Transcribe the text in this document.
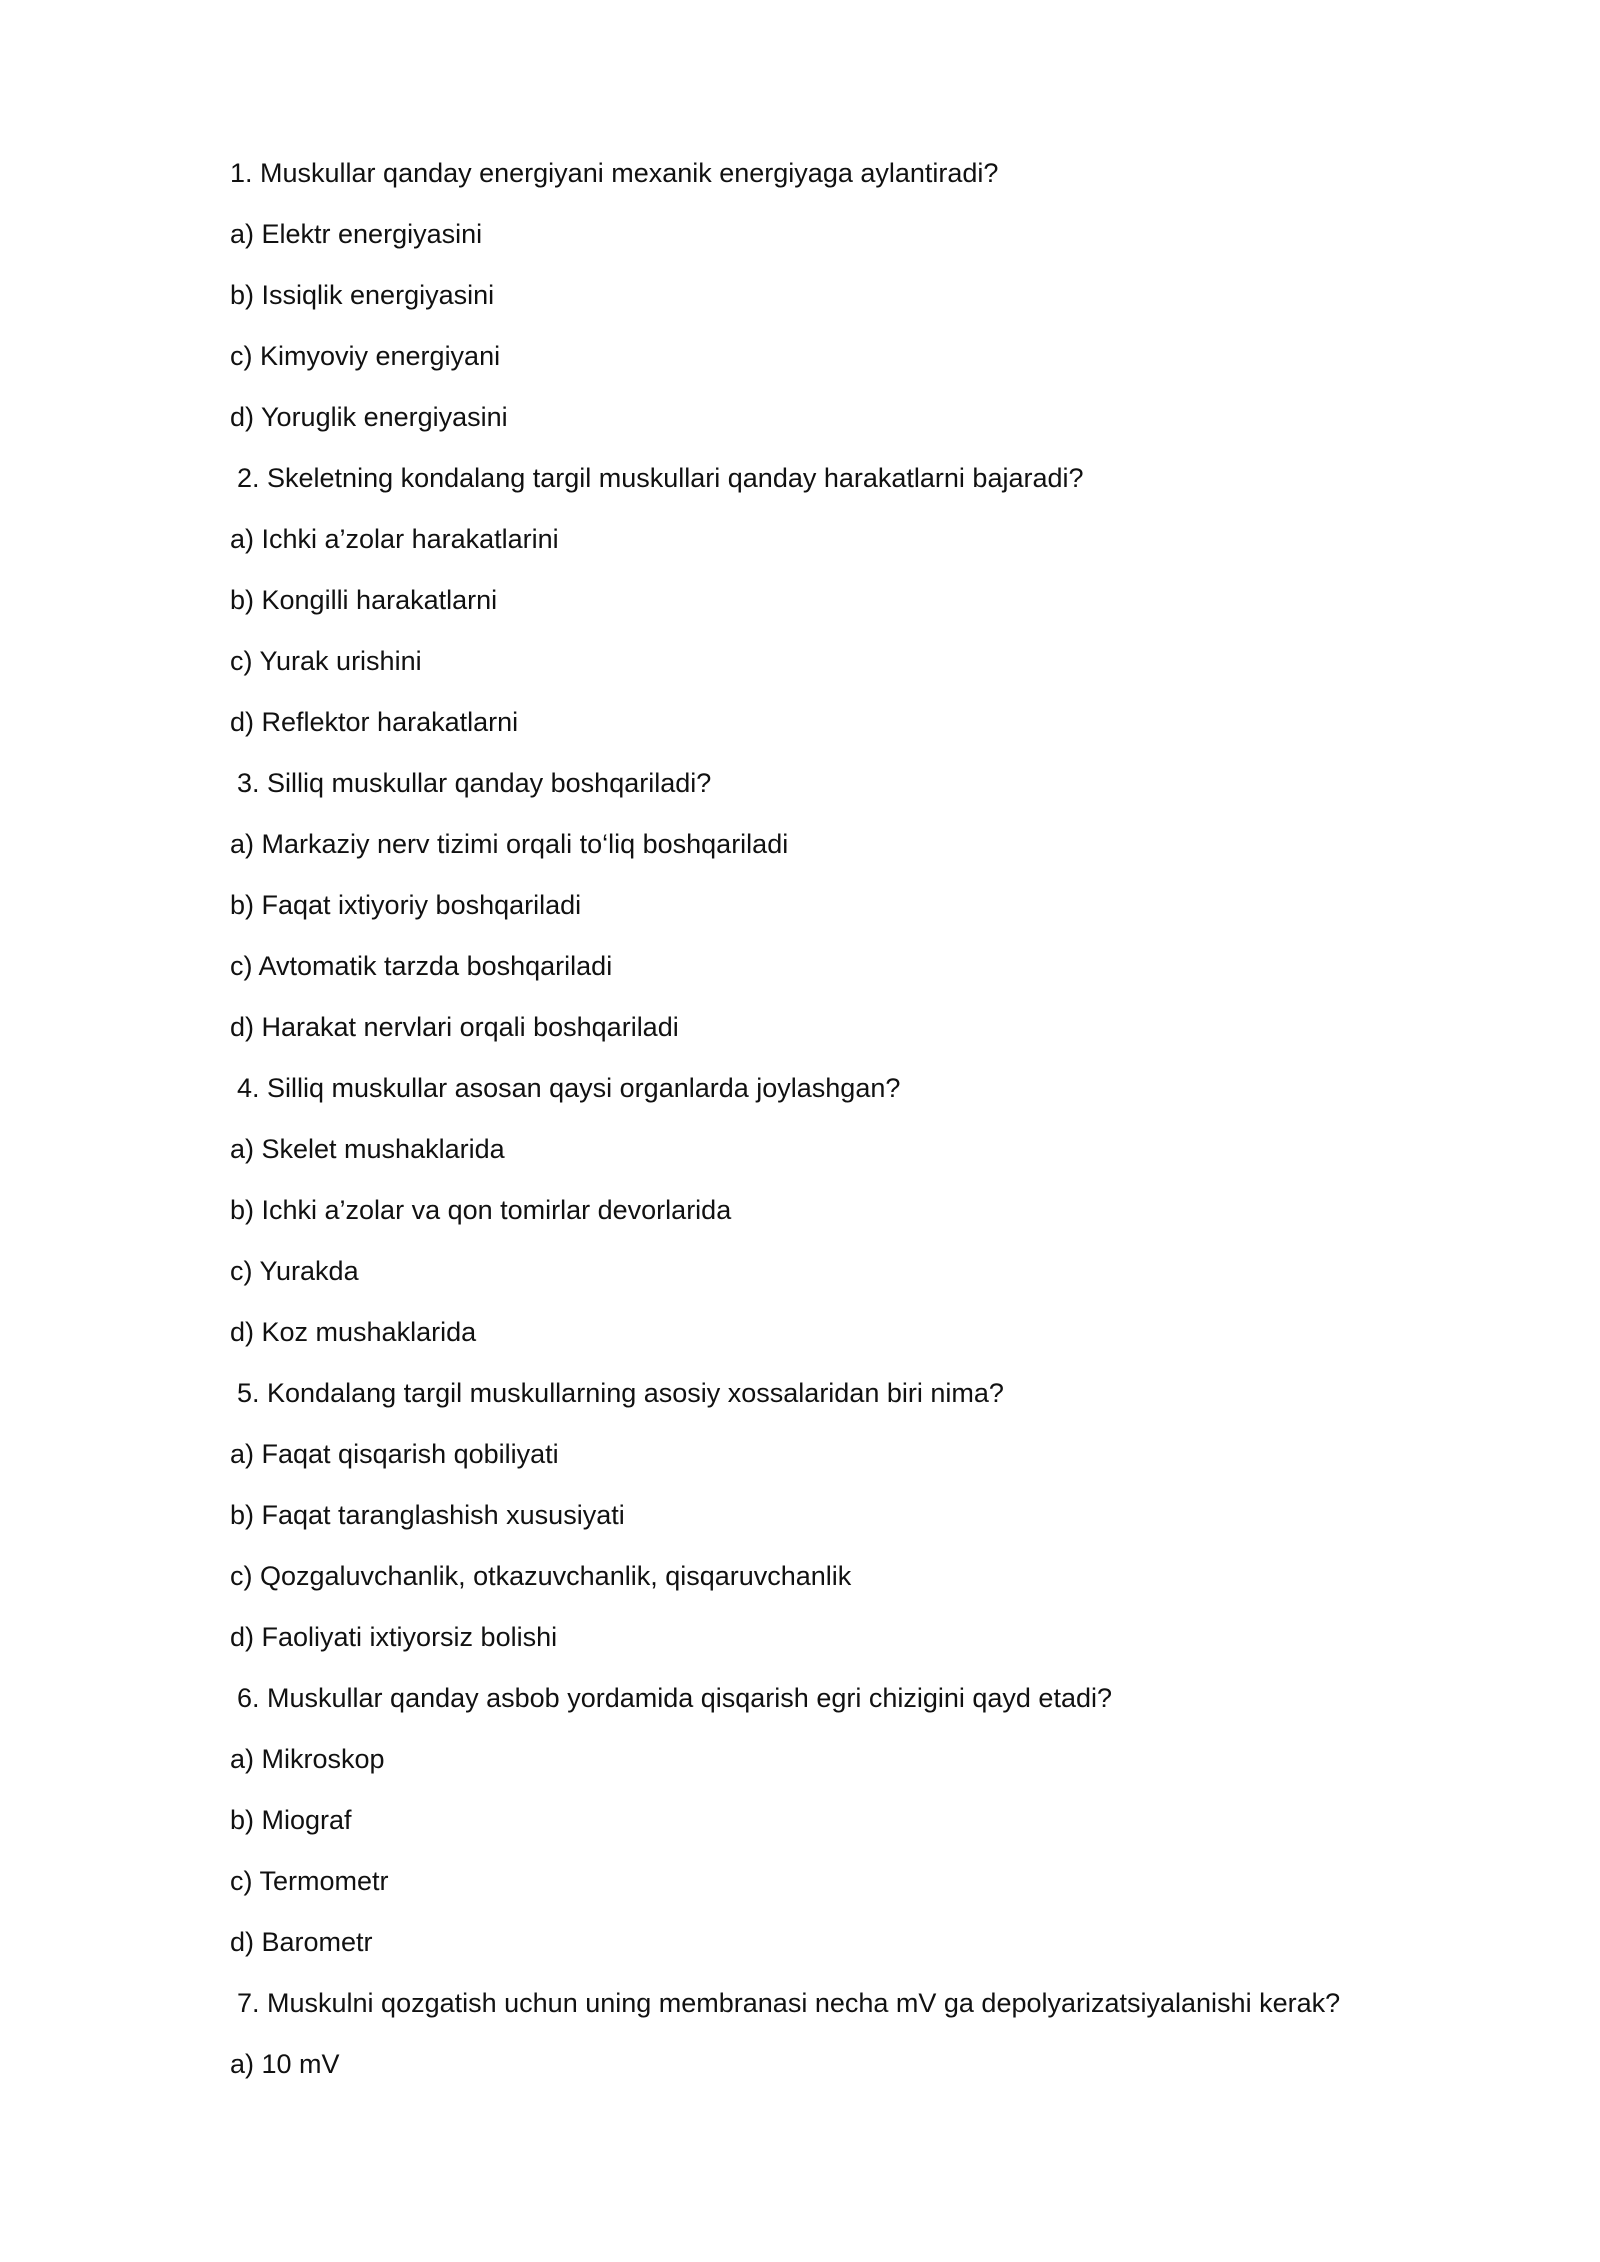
1. Muskullar qanday energiyani mexanik energiyaga aylantiradi?
a) Elektr energiyasini
b) Issiqlik energiyasini
c) Kimyoviy energiyani
d) Yoruglik energiyasini
2. Skeletning kondalang targil muskullari qanday harakatlarni bajaradi?
a) Ichki a’zolar harakatlarini
b) Kongilli harakatlarni
c) Yurak urishini
d) Reflektor harakatlarni
3. Silliq muskullar qanday boshqariladi?
a) Markaziy nerv tizimi orqali to‘liq boshqariladi
b) Faqat ixtiyoriy boshqariladi
c) Avtomatik tarzda boshqariladi
d) Harakat nervlari orqali boshqariladi
4. Silliq muskullar asosan qaysi organlarda joylashgan?
a) Skelet mushaklarida
b) Ichki a’zolar va qon tomirlar devorlarida
c) Yurakda
d) Koz mushaklarida
5. Kondalang targil muskullarning asosiy xossalaridan biri nima?
a) Faqat qisqarish qobiliyati
b) Faqat taranglashish xususiyati
c) Qozgaluvchanlik, otkazuvchanlik, qisqaruvchanlik
d) Faoliyati ixtiyorsiz bolishi
6. Muskullar qanday asbob yordamida qisqarish egri chizigini qayd etadi?
a) Mikroskop
b) Miograf
c) Termometr
d) Barometr
7. Muskulni qozgatish uchun uning membranasi necha mV ga depolyarizatsiyalanishi kerak?
a) 10 mV
